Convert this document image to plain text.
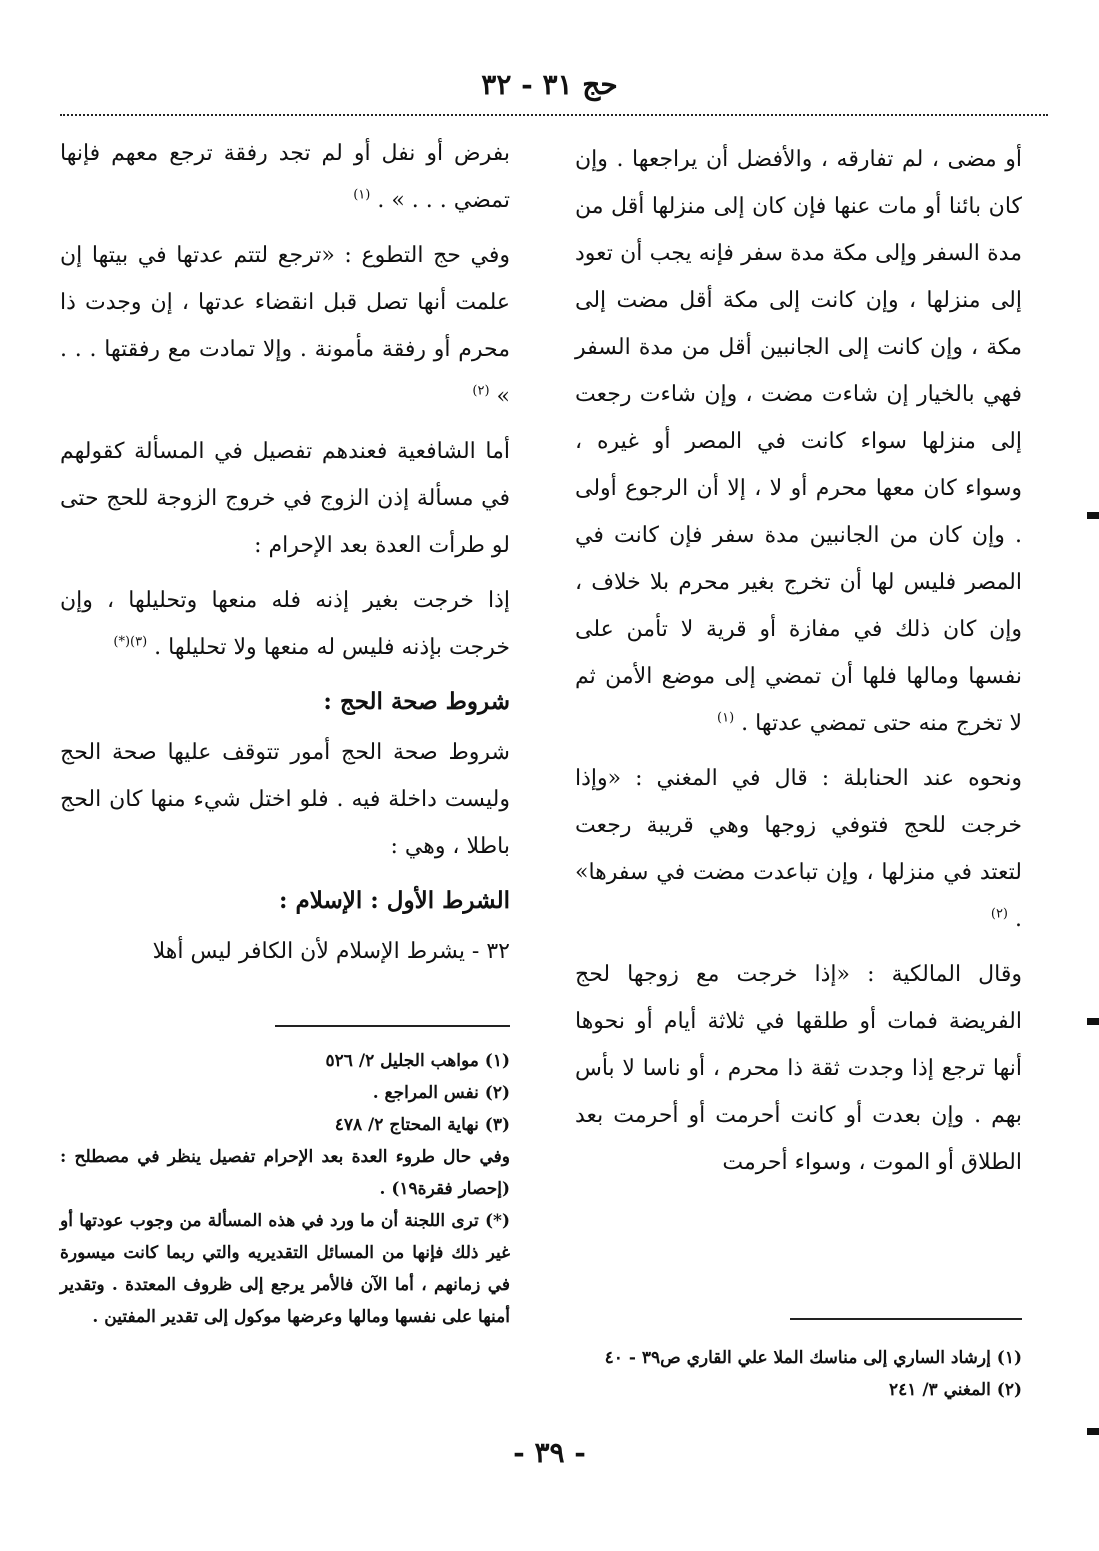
حج ٣١ - ٣٢

أو مضى ، لم تفارقه ، والأفضل أن يراجعها . وإن كان بائنا أو مات عنها فإن كان إلى منزلها أقل من مدة السفر وإلى مكة مدة سفر فإنه يجب أن تعود إلى منزلها ، وإن كانت إلى مكة أقل مضت إلى مكة ، وإن كانت إلى الجانبين أقل من مدة السفر فهي بالخيار إن شاءت مضت ، وإن شاءت رجعت إلى منزلها سواء كانت في المصر أو غيره ، وسواء كان معها محرم أو لا ، إلا أن الرجوع أولى . وإن كان من الجانبين مدة سفر فإن كانت في المصر فليس لها أن تخرج بغير محرم بلا خلاف ، وإن كان ذلك في مفازة أو قرية لا تأمن على نفسها ومالها فلها أن تمضي إلى موضع الأمن ثم لا تخرج منه حتى تمضي عدتها . $^{(١)}$

ونحوه عند الحنابلة : قال في المغني : «وإذا خرجت للحج فتوفي زوجها وهي قريبة رجعت لتعتد في منزلها ، وإن تباعدت مضت في سفرها» . $^{(٢)}$

وقال المالكية : «إذا خرجت مع زوجها لحج الفريضة فمات أو طلقها في ثلاثة أيام أو نحوها أنها ترجع إذا وجدت ثقة ذا محرم ، أو ناسا لا بأس بهم . وإن بعدت أو كانت أحرمت أو أحرمت بعد الطلاق أو الموت ، وسواء أحرمت

(١) إرشاد الساري إلى مناسك الملا علي القاري ص٣٩ - ٤٠
(٢) المغني ٣/ ٢٤١

بفرض أو نفل أو لم تجد رفقة ترجع معهم فإنها تمضي . . . » . $^{(١)}$

وفي حج التطوع : «ترجع لتتم عدتها في بيتها إن علمت أنها تصل قبل انقضاء عدتها ، إن وجدت ذا محرم أو رفقة مأمونة . وإلا تمادت مع رفقتها . . . » $^{(٢)}$

أما الشافعية فعندهم تفصيل في المسألة كقولهم في مسألة إذن الزوج في خروج الزوجة للحج حتى لو طرأت العدة بعد الإحرام :

إذا خرجت بغير إذنه فله منعها وتحليلها ، وإن خرجت بإذنه فليس له منعها ولا تحليلها . $^{(٣)(*)}$

شروط صحة الحج :

شروط صحة الحج أمور تتوقف عليها صحة الحج وليست داخلة فيه . فلو اختل شيء منها كان الحج باطلا ، وهي :

الشرط الأول : الإسلام :

٣٢ - يشرط الإسلام لأن الكافر ليس أهلا

(١) مواهب الجليل ٢/ ٥٢٦
(٢) نفس المراجع .
(٣) نهاية المحتاج ٢/ ٤٧٨
وفي حال طروء العدة بعد الإحرام تفصيل ينظر في مصطلح : (إحصار فقرة١٩) .
(*) ترى اللجنة أن ما ورد في هذه المسألة من وجوب عودتها أو غير ذلك فإنها من المسائل التقديريه والتي ربما كانت ميسورة في زمانهم ، أما الآن فالأمر يرجع إلى ظروف المعتدة . وتقدير أمنها على نفسها ومالها وعرضها موكول إلى تقدير المفتين .
- ٣٩ -
